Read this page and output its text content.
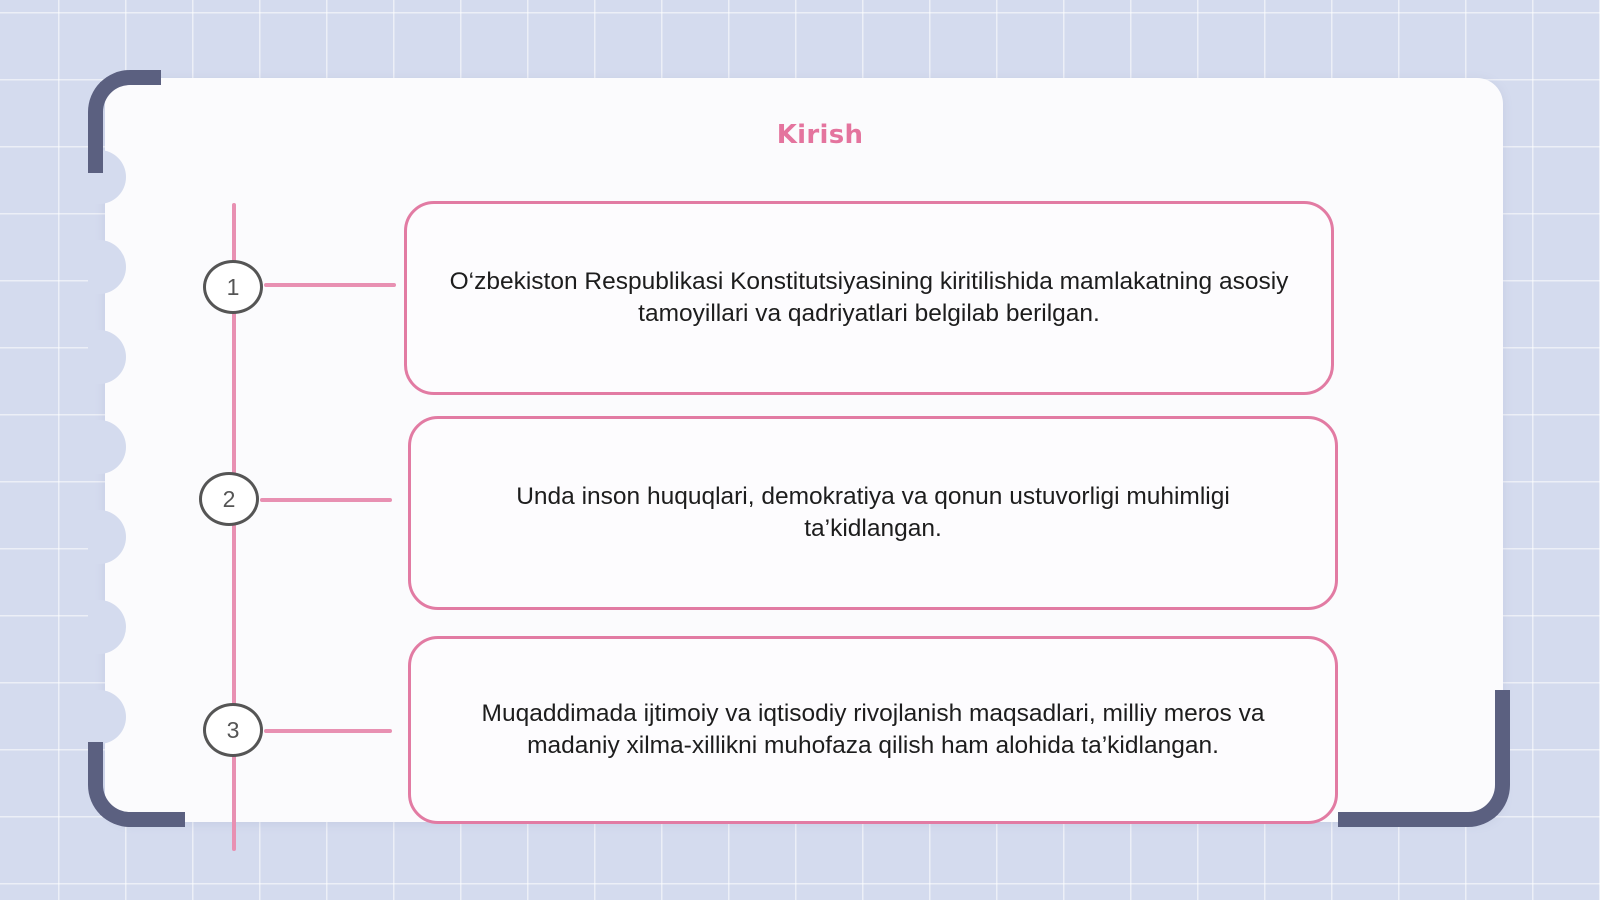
Kirish
1
2
3
O‘zbekiston Respublikasi Konstitutsiyasining kiritilishida mamlakatning asosiy tamoyillari va qadriyatlari belgilab berilgan.
Unda inson huquqlari, demokratiya va qonun ustuvorligi muhimligi ta’kidlangan.
Muqaddimada ijtimoiy va iqtisodiy rivojlanish maqsadlari, milliy meros va madaniy xilma-xillikni muhofaza qilish ham alohida ta’kidlangan.
